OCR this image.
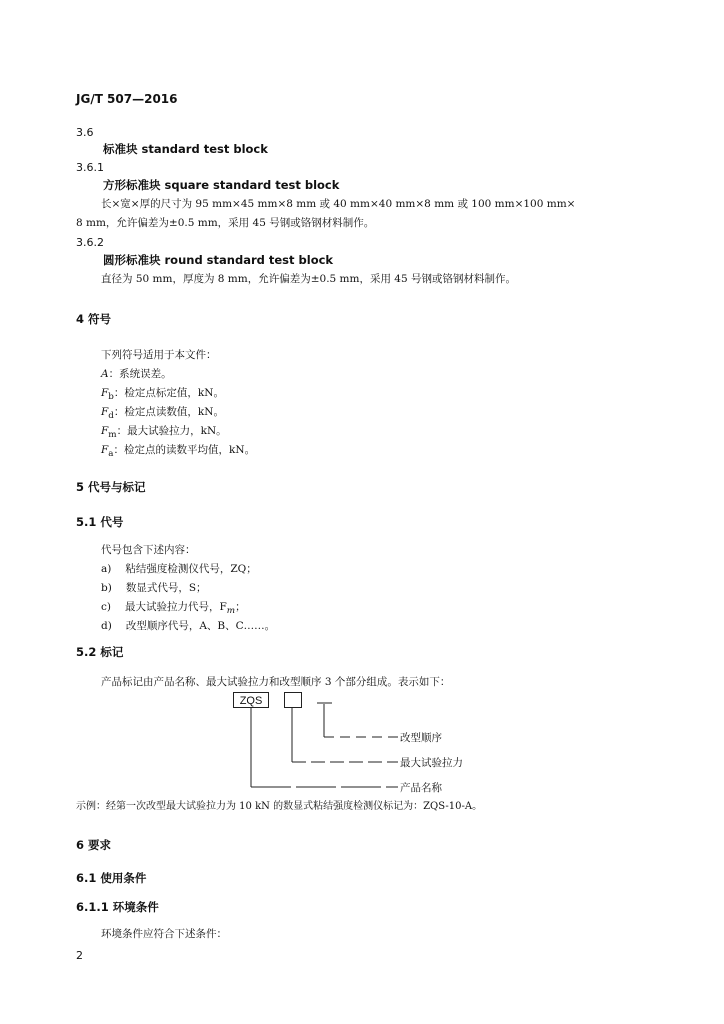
JG/T 507—2016
3.6
标准块 standard test block
3.6.1
方形标准块 square standard test block
长×宽×厚的尺寸为 95 mm×45 mm×8 mm 或 40 mm×40 mm×8 mm 或 100 mm×100 mm×
8 mm，允许偏差为±0.5 mm，采用 45 号钢或铬钢材料制作。
3.6.2
圆形标准块 round standard test block
直径为 50 mm，厚度为 8 mm，允许偏差为±0.5 mm，采用 45 号钢或铬钢材料制作。
4 符号
下列符号适用于本文件：
A：系统误差。
$F_b$：检定点标定值，kN。
$F_d$：检定点读数值，kN。
$F_m$：最大试验拉力，kN。
$F_a$：检定点的读数平均值，kN。
5 代号与标记
5.1 代号
代号包含下述内容：
a) 粘结强度检测仪代号，ZQ；
b) 数显式代号，S；
c) 最大试验拉力代号，$F_m$；
d) 改型顺序代号，A、B、C……。
5.2 标记
产品标记由产品名称、最大试验拉力和改型顺序 3 个部分组成。表示如下：
ZQS
改型顺序
最大试验拉力
产品名称
示例：经第一次改型最大试验拉力为 10 kN 的数显式粘结强度检测仪标记为：ZQS-10-A。
6 要求
6.1 使用条件
6.1.1 环境条件
环境条件应符合下述条件：
2
